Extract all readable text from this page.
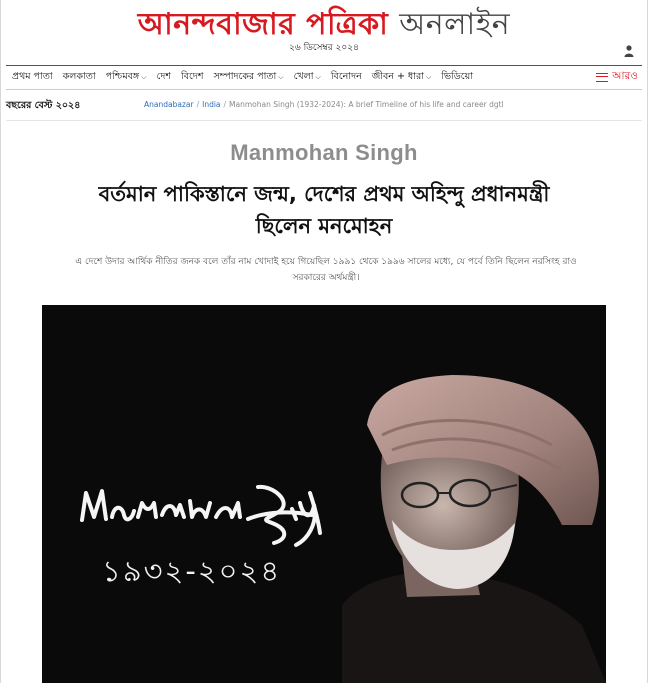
আনন্দবাজার পত্রিকা অনলাইন
২৬ ডিসেম্বর ২০২৪
প্রথম পাতা কলকাতা পশ্চিমবঙ্গ ⌵ দেশ বিদেশ সম্পাদকের পাতা ⌵ খেলা ⌵ বিনোদন জীবন + ধারা ⌵ ভিডিয়ো	আরও
বছরের বেস্ট ২০২৪	Anandabazar / India / Manmohan Singh (1932-2024): A brief Timeline of his life and career dgtl
Manmohan Singh
বর্তমান পাকিস্তানে জন্ম, দেশের প্রথম অহিন্দু প্রধানমন্ত্রী
ছিলেন মনমোহন

এ দেশে উদার আর্থিক নীতির জনক বলে তাঁর নাম খোদাই হয়ে গিয়েছিল ১৯৯১ থেকে ১৯৯৬ সালের মধ্যে, যে পর্বে তিনি ছিলেন নরসিংহ রাও
সরকারের অর্থমন্ত্রী।

১৯৩২-২০২৪
